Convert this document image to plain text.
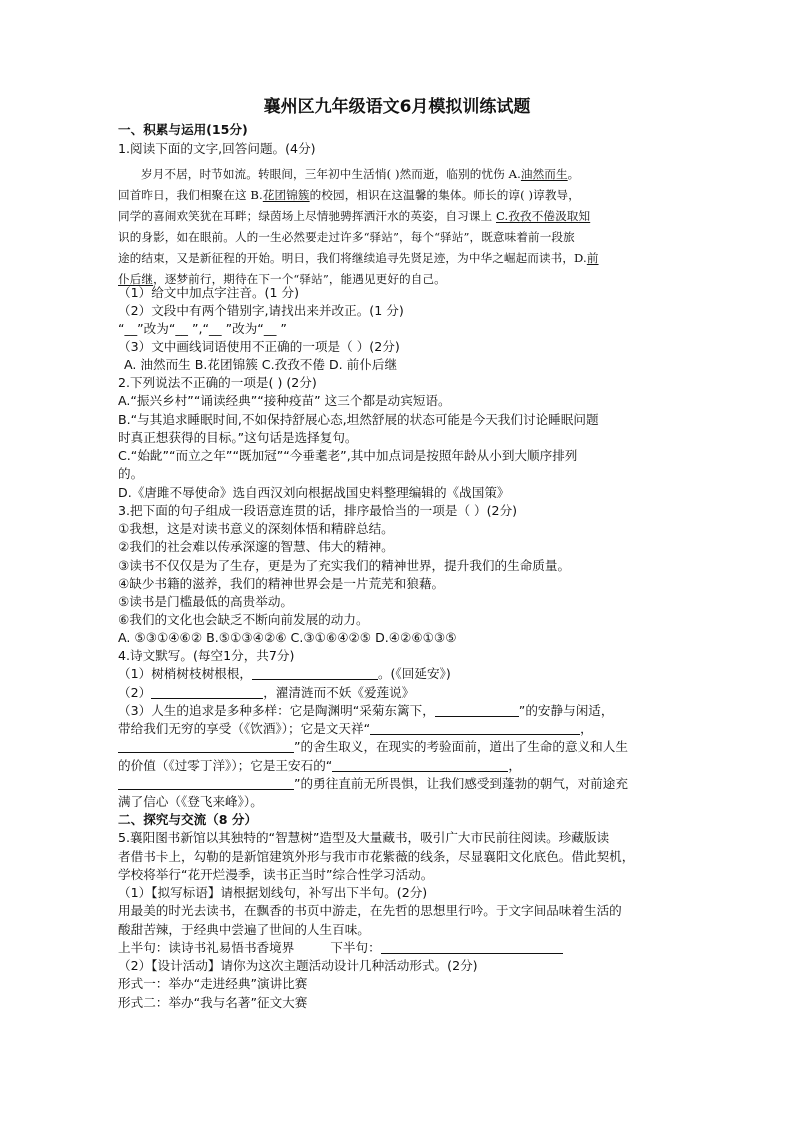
襄州区九年级语文6月模拟训练试题
一、积累与运用(15分)
1.阅读下面的文字,回答问题。(4分)
岁月不居，时节如流。转眼间，三年初中生活悄( )然而逝，临别的忧伤 A.油然而生。
回首昨日，我们相聚在这 B.花团锦簇的校园，相识在这温馨的集体。师长的谆( )谆教导，
同学的喜闹欢笑犹在耳畔；绿茵场上尽情驰骋挥洒汗水的英姿，自习课上 C.孜孜不倦汲取知
识的身影，如在眼前。人的一生必然要走过许多“驿站”，每个“驿站”，既意味着前一段旅
途的结束，又是新征程的开始。明日，我们将继续追寻先贤足迹，为中华之崛起而读书，D.前
仆后继，逐梦前行，期待在下一个“驿站”，能遇见更好的自己。
（1）给文中加点字注音。(1 分)
（2）文段中有两个错别字,请找出来并改正。(1 分)
“__”改为“__ ”,“__ ”改为“__ ”
（3）文中画线词语使用不正确的一项是（ ）(2分)
A. 油然而生 B.花团锦簇 C.孜孜不倦 D. 前仆后继
2.下列说法不正确的一项是( ) (2分)
A.“振兴乡村”“诵读经典”“接种疫苗” 这三个都是动宾短语。
B.“与其追求睡眠时间,不如保持舒展心态,坦然舒展的状态可能是今天我们讨论睡眠问题
时真正想获得的目标。”这句话是选择复句。
C.“始龀”“而立之年”“既加冠”“今垂耄老”,其中加点词是按照年龄从小到大顺序排列
的。
D.《唐雎不辱使命》选自西汉刘向根据战国史料整理编辑的《战国策》
3.把下面的句子组成一段语意连贯的话，排序最恰当的一项是（ ）(2分)
①我想，这是对读书意义的深刻体悟和精辟总结。
②我们的社会难以传承深邃的智慧、伟大的精神。
③读书不仅仅是为了生存，更是为了充实我们的精神世界，提升我们的生命质量。
④缺少书籍的滋养，我们的精神世界会是一片荒芜和狼藉。
⑤读书是门槛最低的高贵举动。
⑥我们的文化也会缺乏不断向前发展的动力。
A. ⑤③①④⑥② B.⑤①③④②⑥ C.③①⑥④②⑤ D.④②⑥①③⑤
4.诗文默写。(每空1分，共7分)
（1）树梢树枝树根根，	。(《回延安》)
（2）	，濯清涟而不妖《爱莲说》
（3）人生的追求是多种多样：它是陶渊明“采菊东篱下，	”的安静与闲适，
带给我们无穷的享受（《饮酒》）；它是文天祥“	，
”的舍生取义，在现实的考验面前，道出了生命的意义和人生
的价值（《过零丁洋》）；它是王安石的“	，
”的勇往直前无所畏惧，让我们感受到蓬勃的朝气，对前途充
满了信心（《登飞来峰》）。
二、探究与交流（8 分）
5.襄阳图书新馆以其独特的“智慧树”造型及大量藏书，吸引广大市民前往阅读。珍藏版读
者借书卡上，勾勒的是新馆建筑外形与我市市花紫薇的线条，尽显襄阳文化底色。借此契机，
学校将举行“花开烂漫季，读书正当时”综合性学习活动。
（1）【拟写标语】请根据划线句，补写出下半句。(2分)
用最美的时光去读书，在飘香的书页中游走，在先哲的思想里行吟。于文字间品味着生活的
酸甜苦辣，于经典中尝遍了世间的人生百味。
上半句：读诗书礼易悟书香境界	下半句：
（2）【设计活动】请你为这次主题活动设计几种活动形式。(2分)
形式一：举办“走进经典”演讲比赛
形式二：举办“我与名著”征文大赛
